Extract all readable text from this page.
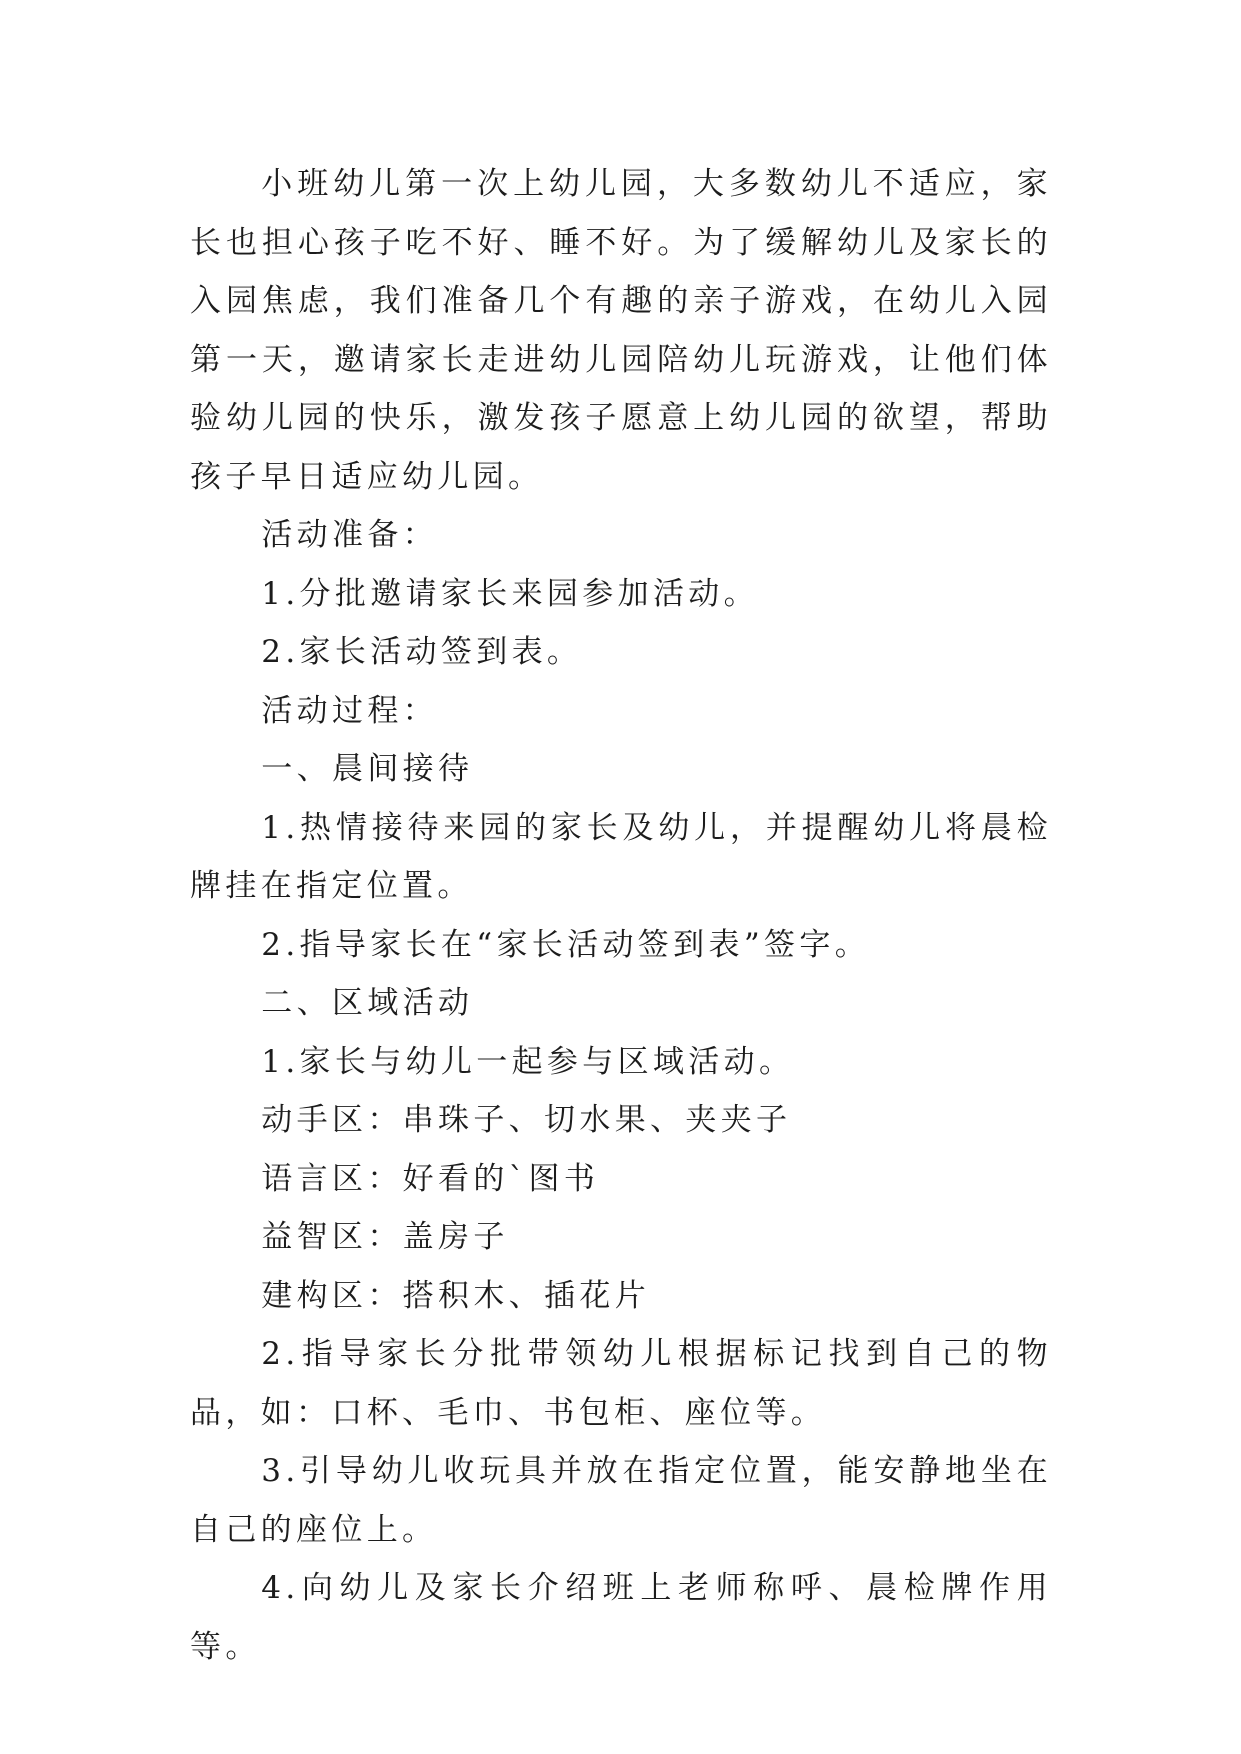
小班幼儿第一次上幼儿园，大多数幼儿不适应，家长也担心孩子吃不好、睡不好。为了缓解幼儿及家长的入园焦虑，我们准备几个有趣的亲子游戏，在幼儿入园第一天，邀请家长走进幼儿园陪幼儿玩游戏，让他们体验幼儿园的快乐，激发孩子愿意上幼儿园的欲望，帮助孩子早日适应幼儿园。

活动准备：

1.分批邀请家长来园参加活动。

2.家长活动签到表。

活动过程：

一、晨间接待

1.热情接待来园的家长及幼儿，并提醒幼儿将晨检牌挂在指定位置。

2.指导家长在“家长活动签到表”签字。

二、区域活动

1.家长与幼儿一起参与区域活动。

动手区：串珠子、切水果、夹夹子

语言区：好看的`图书

益智区：盖房子

建构区：搭积木、插花片

2.指导家长分批带领幼儿根据标记找到自己的物品，如：口杯、毛巾、书包柜、座位等。

3.引导幼儿收玩具并放在指定位置，能安静地坐在自己的座位上。

4.向幼儿及家长介绍班上老师称呼、晨检牌作用等。
